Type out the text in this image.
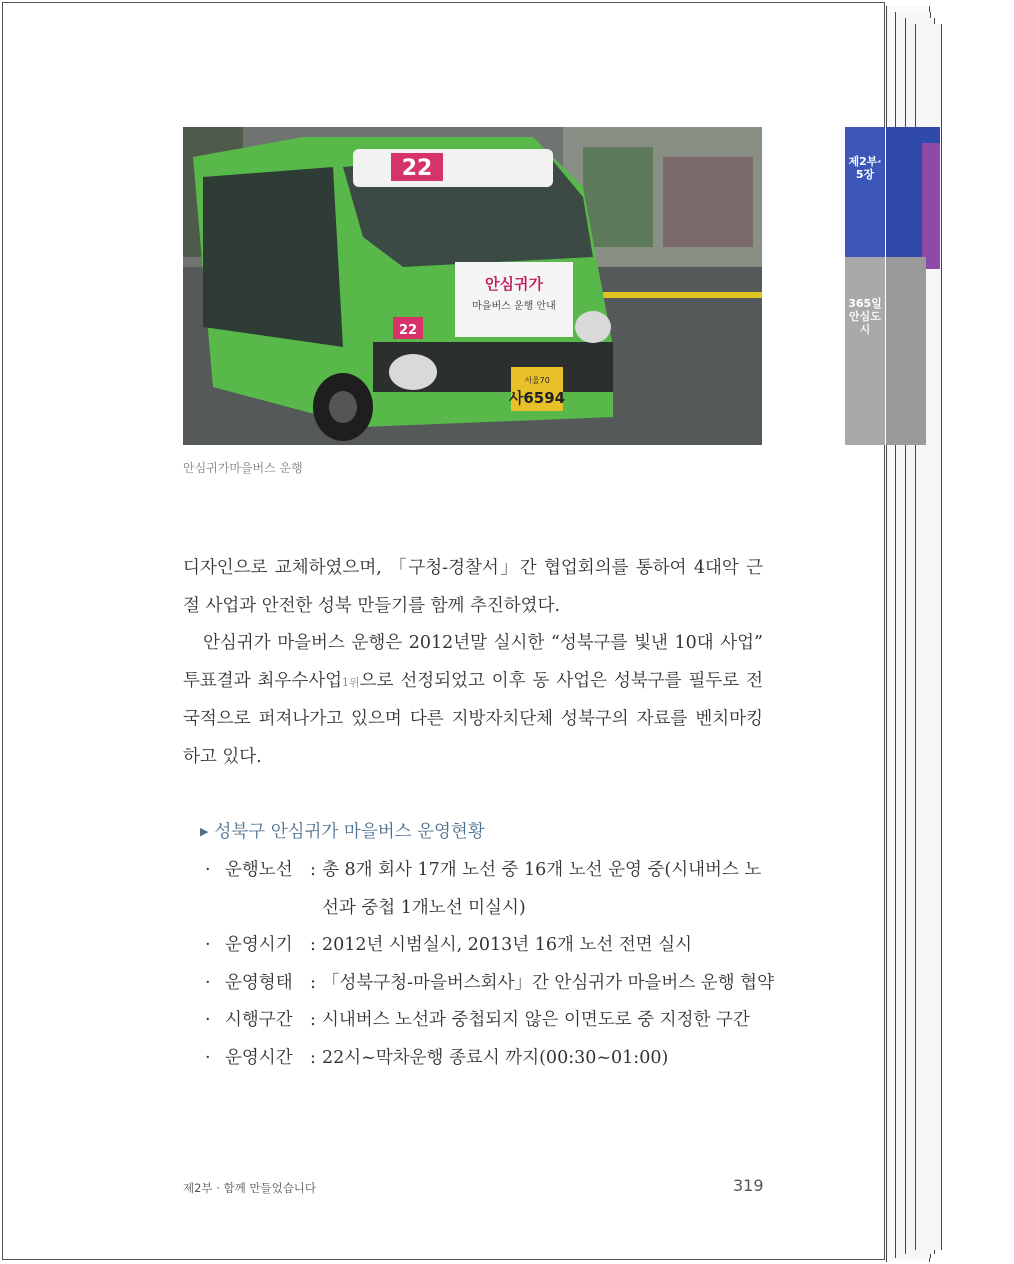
22
안심귀가
마을버스 운행 안내
22
서울70
사6594
안심귀가마을버스 운행

디자인으로 교체하였으며, 「구청-경찰서」간 협업회의를 통하여 4대악 근절 사업과 안전한 성북 만들기를 함께 추진하였다.

안심귀가 마을버스 운행은 2012년말 실시한 “성북구를 빛낸 10대 사업” 투표결과 최우수사업1위으로 선정되었고 이후 동 사업은 성북구를 필두로 전국적으로 퍼져나가고 있으며 다른 지방자치단체 성북구의 자료를 벤치마킹 하고 있다.

▶ 성북구 안심귀가 마을버스 운영현황
· 운행노선 : 총 8개 회사 17개 노선 중 16개 노선 운영 중(시내버스 노선과 중첩 1개노선 미실시)
· 운영시기 : 2012년 시범실시, 2013년 16개 노선 전면 실시
· 운영형태 : 「성북구청-마을버스회사」간 안심귀가 마을버스 운행 협약
· 시행구간 : 시내버스 노선과 중첩되지 않은 이면도로 중 지정한 구간
· 운영시간 : 22시~막차운행 종료시 까지(00:30~01:00)
제2부 · 함께 만들었습니다	319
제2부·5장
365일안심도시
